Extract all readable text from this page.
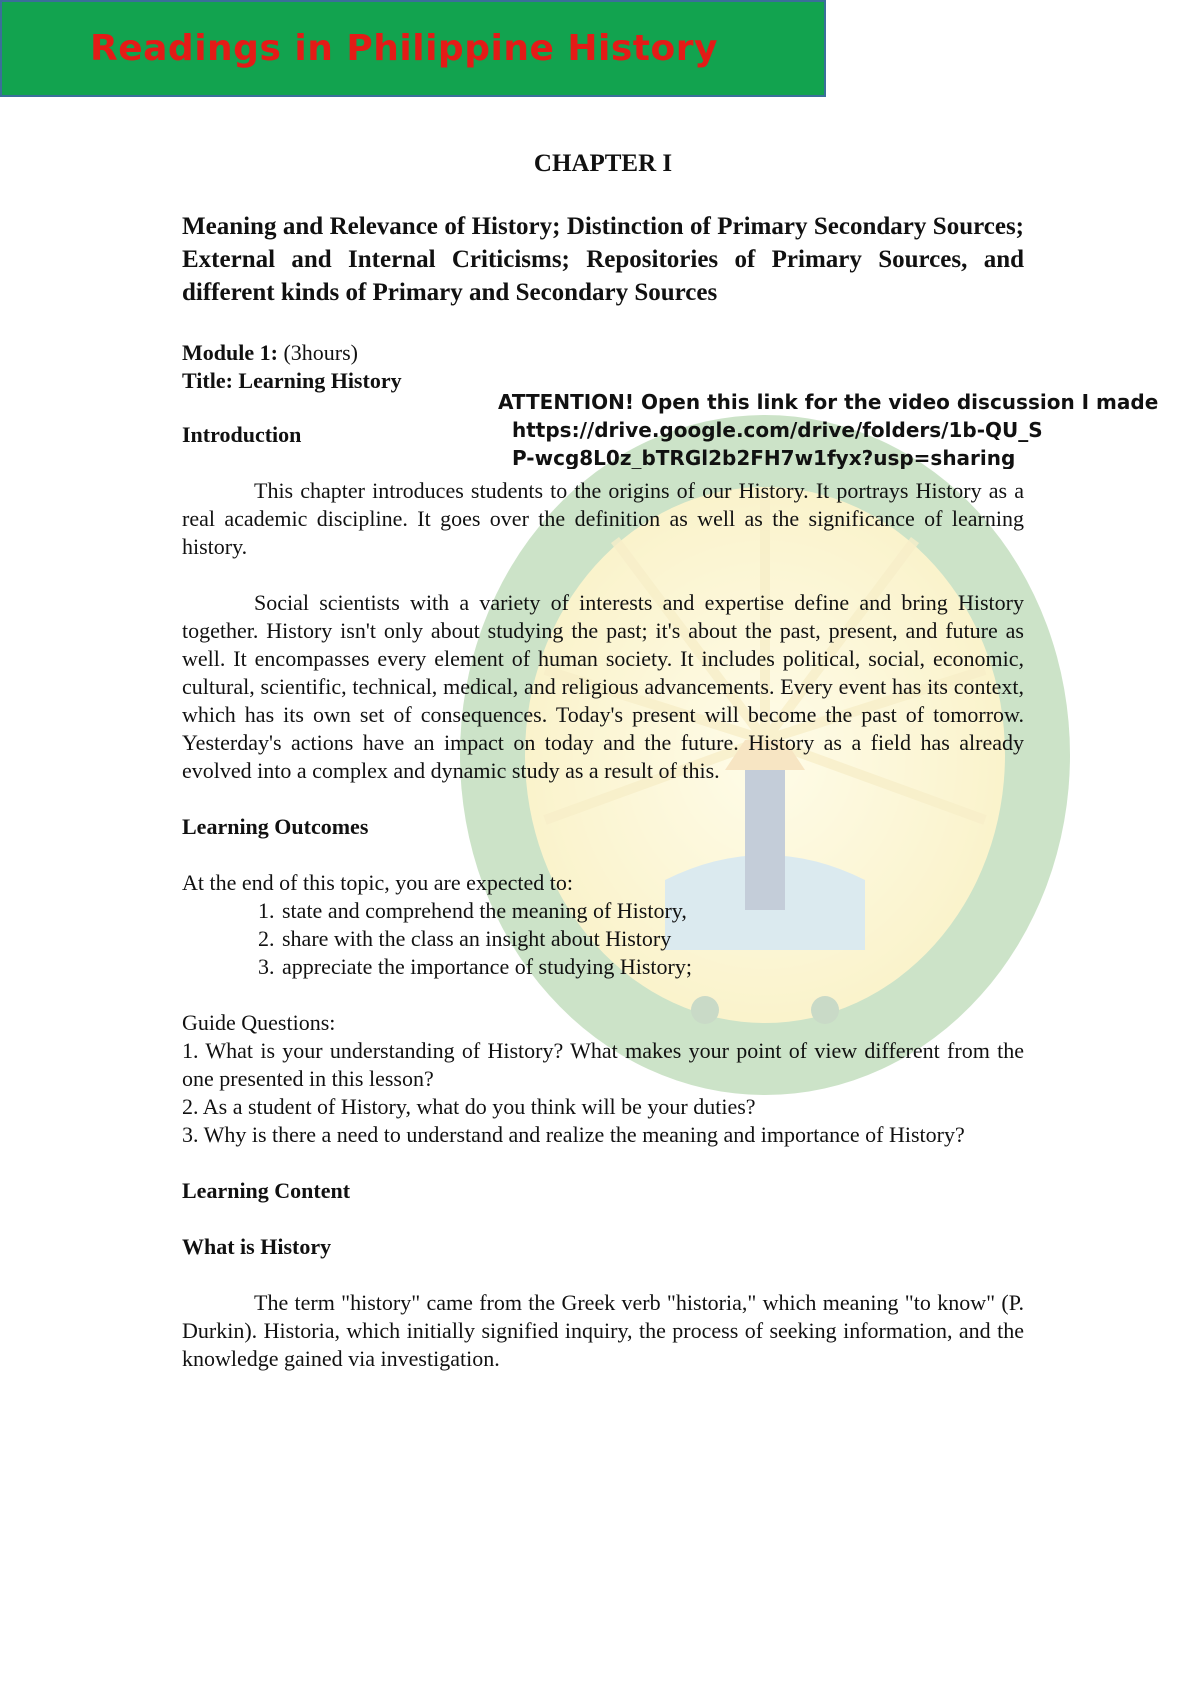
Readings in Philippine History
CHAPTER I
Meaning and Relevance of History; Distinction of Primary Secondary Sources; External and Internal Criticisms; Repositories of Primary Sources, and different kinds of Primary and Secondary Sources
Module 1: (3hours)
Title: Learning History
Introduction

This chapter introduces students to the origins of our History. It portrays History as a real academic discipline. It goes over the definition as well as the significance of learning history.

Social scientists with a variety of interests and expertise define and bring History together. History isn't only about studying the past; it's about the past, present, and future as well. It encompasses every element of human society. It includes political, social, economic, cultural, scientific, technical, medical, and religious advancements. Every event has its context, which has its own set of consequences. Today's present will become the past of tomorrow. Yesterday's actions have an impact on today and the future. History as a field has already evolved into a complex and dynamic study as a result of this.

Learning Outcomes
At the end of this topic, you are expected to:
1. state and comprehend the meaning of History,
2. share with the class an insight about History
3. appreciate the importance of studying History;
Guide Questions:
1. What is your understanding of History? What makes your point of view different from the one presented in this lesson?
2. As a student of History, what do you think will be your duties?
3. Why is there a need to understand and realize the meaning and importance of History?
Learning Content
What is History

The term "history" came from the Greek verb "historia," which meaning "to know" (P. Durkin). Historia, which initially signified inquiry, the process of seeking information, and the knowledge gained via investigation.

ATTENTION! Open this link for the video discussion I made
https://drive.google.com/drive/folders/1b-QU_SP-wcg8L0z_bTRGl2b2FH7w1fyx?usp=sharing
